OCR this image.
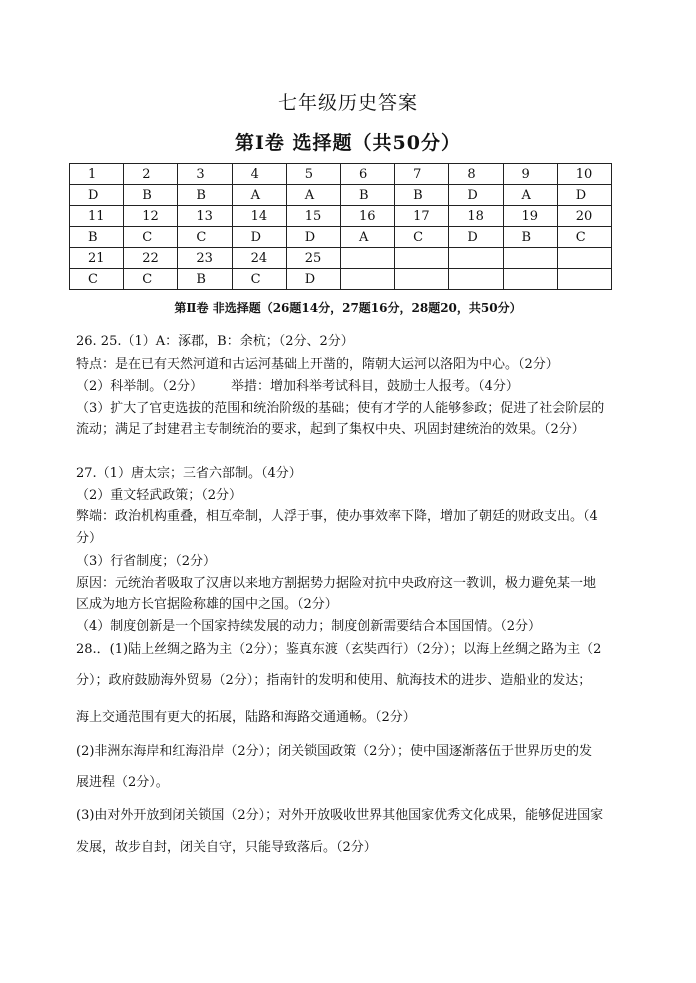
七年级历史答案
第Ⅰ卷 选择题（共50分）
1	2	3	4	5	6	7	8	9	10
D	B	B	A	A	B	B	D	A	D
11	12	13	14	15	16	17	18	19	20
B	C	C	D	D	A	C	D	B	C
21	22	23	24	25					
C	C	B	C	D					
第Ⅱ卷 非选择题（26题14分，27题16分，28题20，共50分）
26. 25.（1）A：涿郡，B：余杭；（2分、2分）
特点：是在已有天然河道和古运河基础上开凿的，隋朝大运河以洛阳为中心。（2分）
（2）科举制。（2分） 举措：增加科举考试科目，鼓励士人报考。（4分）
（3）扩大了官吏选拔的范围和统治阶级的基础；使有才学的人能够参政；促进了社会阶层的
流动；满足了封建君主专制统治的要求，起到了集权中央、巩固封建统治的效果。（2分）
27.（1）唐太宗；三省六部制。（4分）
（2）重文轻武政策；（2分）
弊端：政治机构重叠，相互牵制，人浮于事，使办事效率下降，增加了朝廷的财政支出。（4
分）
（3）行省制度；（2分）
原因：元统治者吸取了汉唐以来地方割据势力据险对抗中央政府这一教训，极力避免某一地
区成为地方长官据险称雄的国中之国。（2分）
（4）制度创新是一个国家持续发展的动力；制度创新需要结合本国国情。（2分）
28.．(1)陆上丝绸之路为主（2分）；鉴真东渡（玄奘西行）（2分）；以海上丝绸之路为主（2
分）；政府鼓励海外贸易（2分）；指南针的发明和使用、航海技术的进步、造船业的发达；
海上交通范围有更大的拓展，陆路和海路交通通畅。（2分）
(2)非洲东海岸和红海沿岸（2分）；闭关锁国政策（2分）；使中国逐渐落伍于世界历史的发
展进程（2分）。
(3)由对外开放到闭关锁国（2分）；对外开放吸收世界其他国家优秀文化成果，能够促进国家
发展，故步自封，闭关自守，只能导致落后。（2分）
